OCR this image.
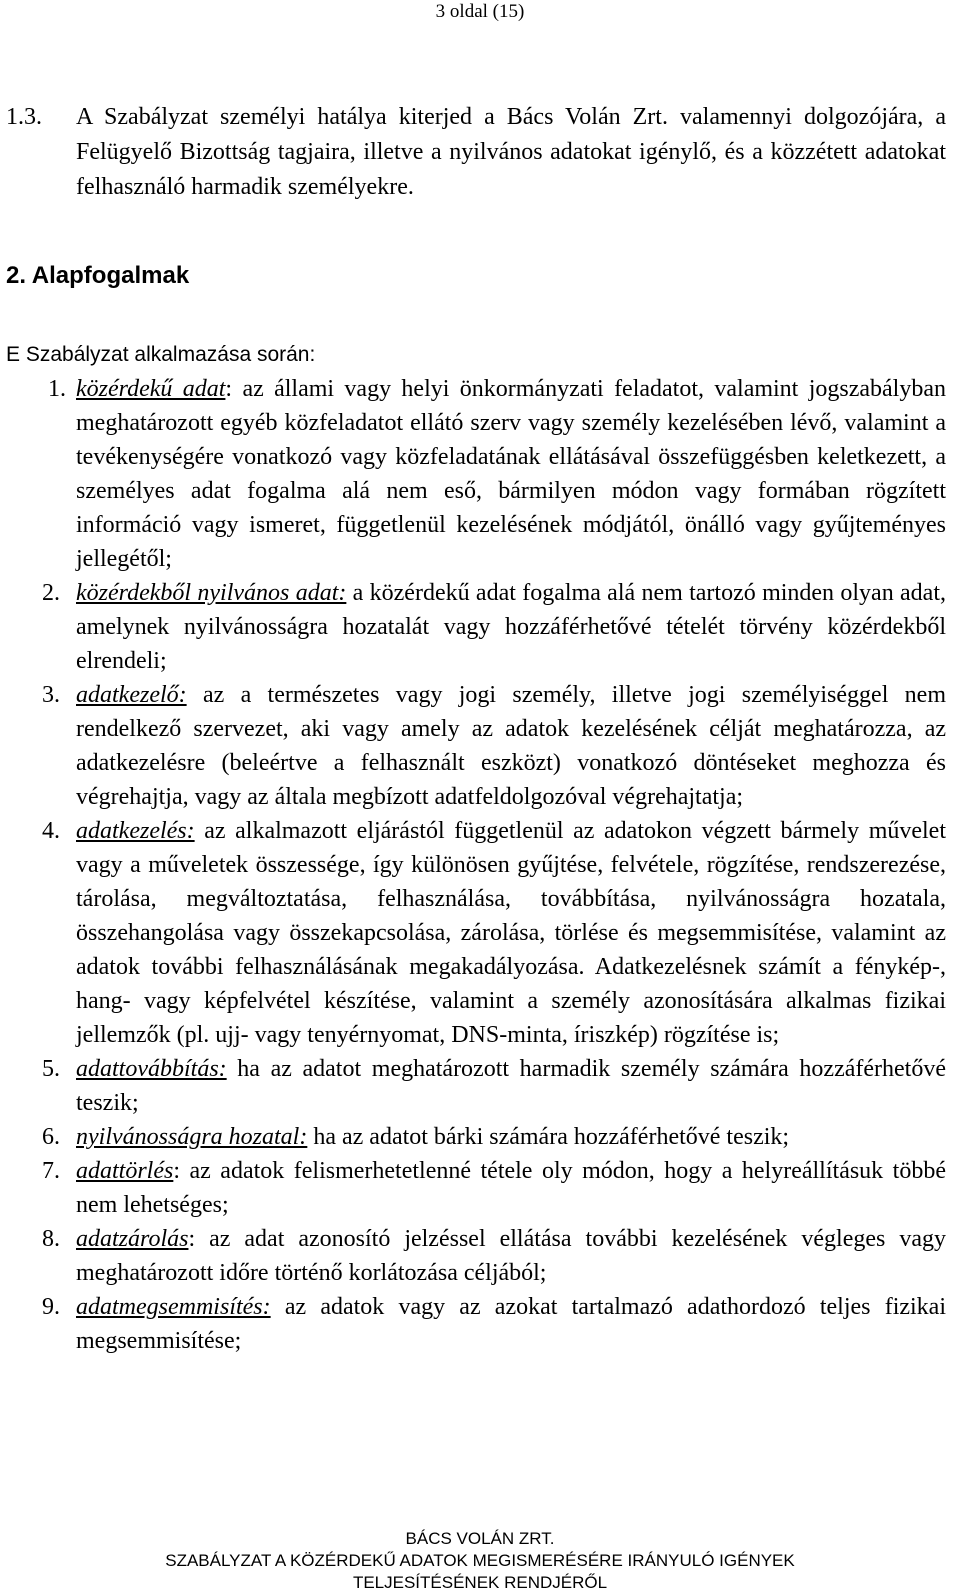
3 oldal (15)
1.3. A Szabályzat személyi hatálya kiterjed a Bács Volán Zrt. valamennyi dolgozójára, a Felügyelő Bizottság tagjaira, illetve a nyilvános adatokat igénylő, és a közzétett adatokat felhasználó harmadik személyekre.
2. Alapfogalmak
E Szabályzat alkalmazása során:
1. közérdekű adat: az állami vagy helyi önkormányzati feladatot, valamint jogszabályban meghatározott egyéb közfeladatot ellátó szerv vagy személy kezelésében lévő, valamint a tevékenységére vonatkozó vagy közfeladatának ellátásával összefüggésben keletkezett, a személyes adat fogalma alá nem eső, bármilyen módon vagy formában rögzített információ vagy ismeret, függetlenül kezelésének módjától, önálló vagy gyűjteményes jellegétől;
2. közérdekből nyilvános adat: a közérdekű adat fogalma alá nem tartozó minden olyan adat, amelynek nyilvánosságra hozatalát vagy hozzáférhetővé tételét törvény közérdekből elrendeli;
3. adatkezelő: az a természetes vagy jogi személy, illetve jogi személyiséggel nem rendelkező szervezet, aki vagy amely az adatok kezelésének célját meghatározza, az adatkezelésre (beleértve a felhasznált eszközt) vonatkozó döntéseket meghozza és végrehajtja, vagy az általa megbízott adatfeldolgozóval végrehajtatja;
4. adatkezelés: az alkalmazott eljárástól függetlenül az adatokon végzett bármely művelet vagy a műveletek összessége, így különösen gyűjtése, felvétele, rögzítése, rendszerezése, tárolása, megváltoztatása, felhasználása, továbbítása, nyilvánosságra hozatala, összehangolása vagy összekapcsolása, zárolása, törlése és megsemmisítése, valamint az adatok további felhasználásának megakadályozása. Adatkezelésnek számít a fénykép-, hang- vagy képfelvétel készítése, valamint a személy azonosítására alkalmas fizikai jellemzők (pl. ujj- vagy tenyérnyomat, DNS-minta, íriszkép) rögzítése is;
5. adattovábbítás: ha az adatot meghatározott harmadik személy számára hozzáférhetővé teszik;
6. nyilvánosságra hozatal: ha az adatot bárki számára hozzáférhetővé teszik;
7. adattörlés: az adatok felismerhetetlenné tétele oly módon, hogy a helyreállításuk többé nem lehetséges;
8. adatzárolás: az adat azonosító jelzéssel ellátása további kezelésének végleges vagy meghatározott időre történő korlátozása céljából;
9. adatmegsemmisítés: az adatok vagy az azokat tartalmazó adathordozó teljes fizikai megsemmisítése;
BÁCS VOLÁN ZRT.
SZABÁLYZAT A KÖZÉRDEKŰ ADATOK MEGISMERÉSÉRE IRÁNYULÓ IGÉNYEK
TELJESÍTÉSÉNEK RENDJÉRŐL
